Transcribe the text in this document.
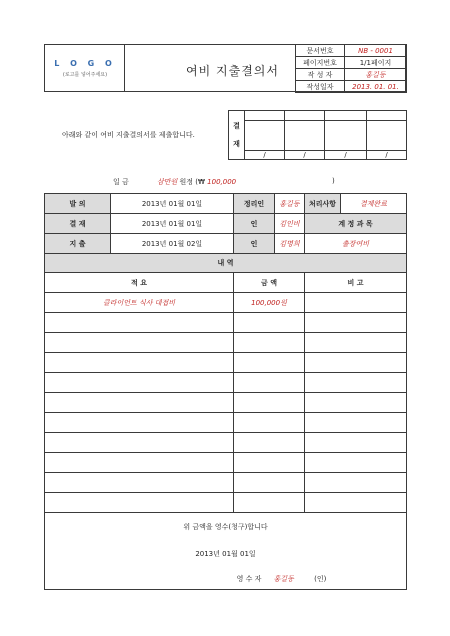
L O G O
(로고를 넣어주세요)	여비 지출결의서
문서번호	NB - 0001
페이지번호	1/1페이지
작 성 자	홍길동
작성일자	2013. 01. 01.
아래와 같이 여비 지출결의서를 제출합니다.
결
재				

	/	/	/	/
일 금	삼만원 원정 (₩ 100,000	)
발 의	2013년 01월 01일	정리인	홍길동	처리사항	결재완료
결 재	2013년 01월 01일	인	김인비	계 정 과 목	
지 출	2013년 01월 02일	인	김명희	출장여비	
내 역					
적 요		금 액		비 고	
클라이언트 식사 대접비		100,000원			

위 금액을 영수(청구)합니다
2013년 01월 01일
영 수 자 홍길동 (인)					
